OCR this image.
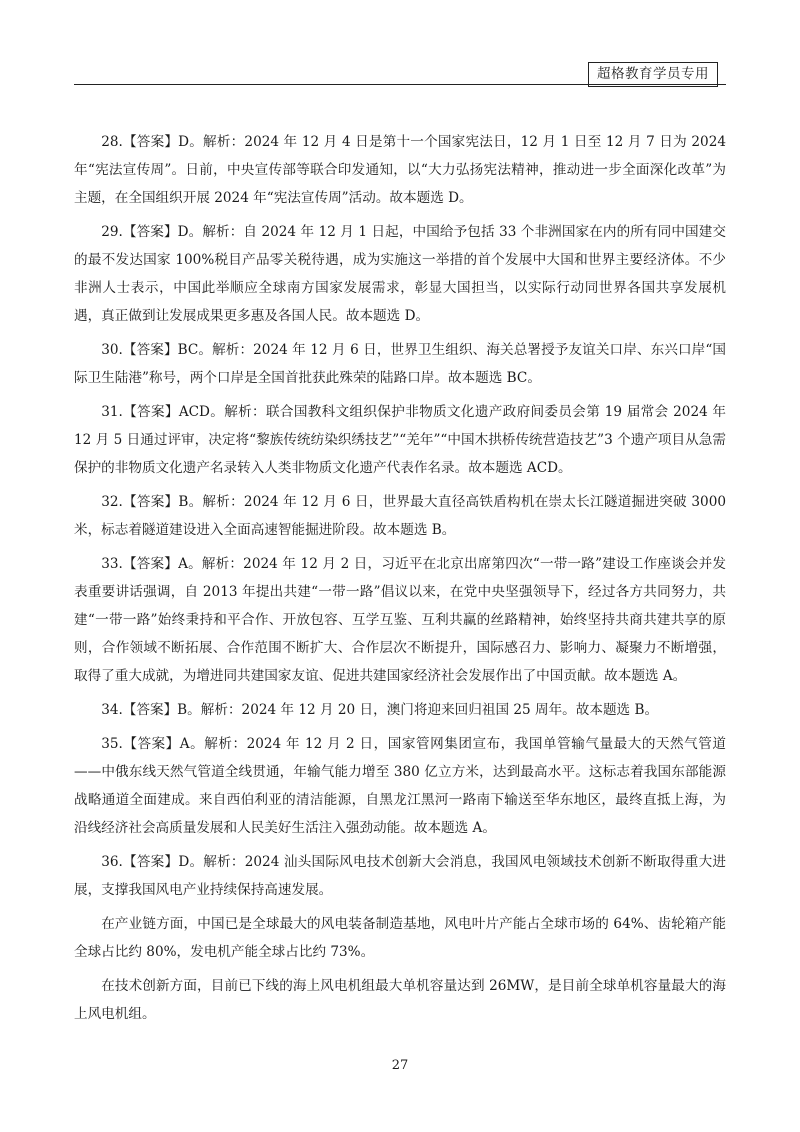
超格教育学员专用

28.【答案】D。解析：2024 年 12 月 4 日是第十一个国家宪法日，12 月 1 日至 12 月 7 日为 2024 年“宪法宣传周”。日前，中央宣传部等联合印发通知，以“大力弘扬宪法精神，推动进一步全面深化改革”为主题，在全国组织开展 2024 年“宪法宣传周”活动。故本题选 D。

29.【答案】D。解析：自 2024 年 12 月 1 日起，中国给予包括 33 个非洲国家在内的所有同中国建交的最不发达国家 100%税目产品零关税待遇，成为实施这一举措的首个发展中大国和世界主要经济体。不少非洲人士表示，中国此举顺应全球南方国家发展需求，彰显大国担当，以实际行动同世界各国共享发展机遇，真正做到让发展成果更多惠及各国人民。故本题选 D。

30.【答案】BC。解析：2024 年 12 月 6 日，世界卫生组织、海关总署授予友谊关口岸、东兴口岸“国际卫生陆港”称号，两个口岸是全国首批获此殊荣的陆路口岸。故本题选 BC。

31.【答案】ACD。解析：联合国教科文组织保护非物质文化遗产政府间委员会第 19 届常会 2024 年 12 月 5 日通过评审，决定将“黎族传统纺染织绣技艺”“羌年”“中国木拱桥传统营造技艺”3 个遗产项目从急需保护的非物质文化遗产名录转入人类非物质文化遗产代表作名录。故本题选 ACD。

32.【答案】B。解析：2024 年 12 月 6 日，世界最大直径高铁盾构机在崇太长江隧道掘进突破 3000 米，标志着隧道建设进入全面高速智能掘进阶段。故本题选 B。

33.【答案】A。解析：2024 年 12 月 2 日，习近平在北京出席第四次“一带一路”建设工作座谈会并发表重要讲话强调，自 2013 年提出共建“一带一路”倡议以来，在党中央坚强领导下，经过各方共同努力，共建“一带一路”始终秉持和平合作、开放包容、互学互鉴、互利共赢的丝路精神，始终坚持共商共建共享的原则，合作领域不断拓展、合作范围不断扩大、合作层次不断提升，国际感召力、影响力、凝聚力不断增强，取得了重大成就，为增进同共建国家友谊、促进共建国家经济社会发展作出了中国贡献。故本题选 A。

34.【答案】B。解析：2024 年 12 月 20 日，澳门将迎来回归祖国 25 周年。故本题选 B。

35.【答案】A。解析：2024 年 12 月 2 日，国家管网集团宣布，我国单管输气量最大的天然气管道——中俄东线天然气管道全线贯通，年输气能力增至 380 亿立方米，达到最高水平。这标志着我国东部能源战略通道全面建成。来自西伯利亚的清洁能源，自黑龙江黑河一路南下输送至华东地区，最终直抵上海，为沿线经济社会高质量发展和人民美好生活注入强劲动能。故本题选 A。

36.【答案】D。解析：2024 汕头国际风电技术创新大会消息，我国风电领域技术创新不断取得重大进展，支撑我国风电产业持续保持高速发展。

在产业链方面，中国已是全球最大的风电装备制造基地，风电叶片产能占全球市场的 64%、齿轮箱产能全球占比约 80%，发电机产能全球占比约 73%。

在技术创新方面，目前已下线的海上风电机组最大单机容量达到 26MW，是目前全球单机容量最大的海上风电机组。

27
